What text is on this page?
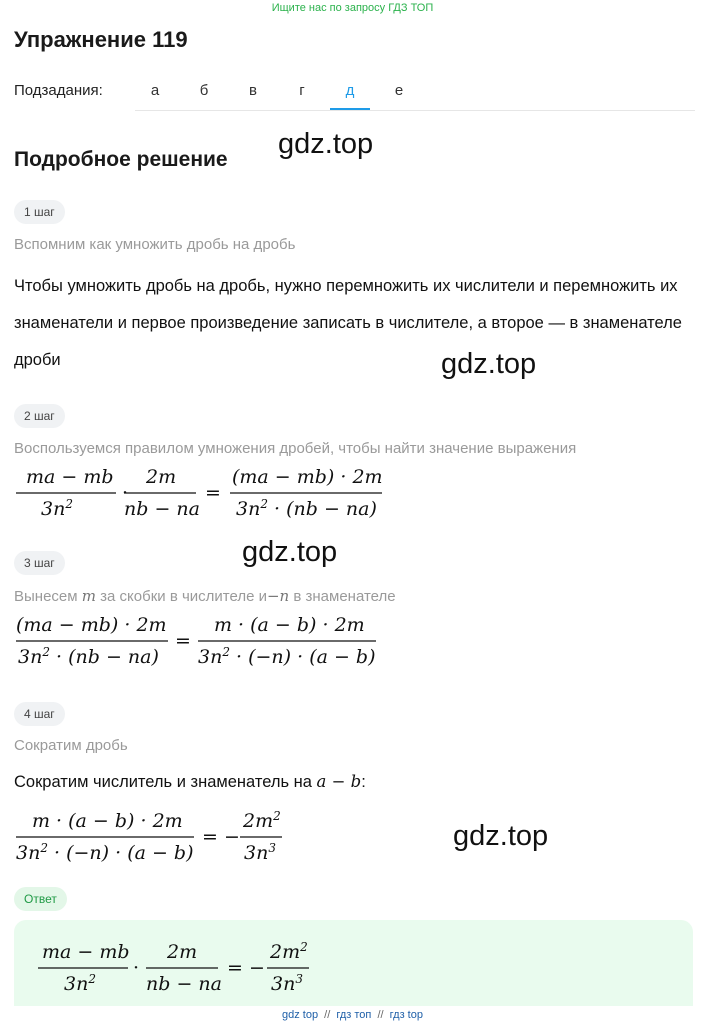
Ищите нас по запросу ГДЗ ТОП
Упражнение 119
Подзадания:	а	б	в	г	д	е
Подробное решение gdz.top
gdz.top
gdz.top
gdz.top
1 шаг
Вспомним как умножить дробь на дробь
Чтобы умножить дробь на дробь, нужно перемножить их числители и перемножить их знаменатели и первое произведение записать в числителе, а второе — в знаменателе дроби
2 шаг
Воспользуемся правилом умножения дробей, чтобы найти значение выражения
ma − mb
$3n^2$	·
2m
nb − na
=
(ma − mb) · 2m
$3n^2 \cdot (nb - na)$
3 шаг
Вынесем m за скобки в числителе и−n в знаменателе
(ma − mb) · 2m
$3n^2 \cdot (nb - na)$
=
m · (a − b) · 2m
$3n^2 \cdot (-n) \cdot (a - b)$
4 шаг
Сократим дробь
Сократим числитель и знаменатель на a − b:
m · (a − b) · 2m
$3n^2 \cdot (-n) \cdot (a - b)$
= −
$2m^2$
$3n^3$
Ответ
ma − mb
$3n^2$ ·
2m
nb − na
= −
$2m^2$
$3n^3$
gdz top // гдз топ // гдз top
